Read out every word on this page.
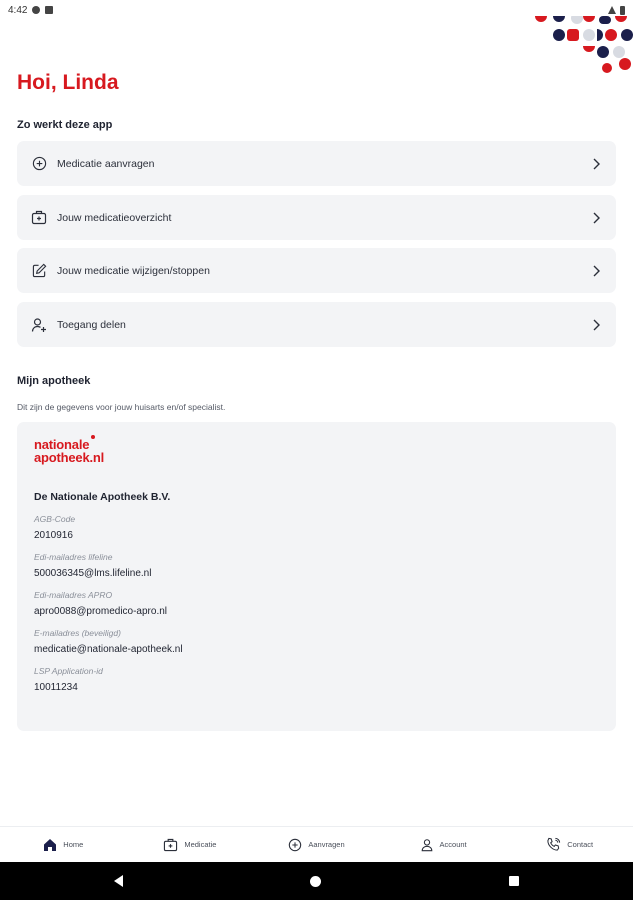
4:42
Hoi, Linda
Zo werkt deze app
Medicatie aanvragen
Jouw medicatieoverzicht
Jouw medicatie wijzigen/stoppen
Toegang delen
Mijn apotheek
Dit zijn de gegevens voor jouw huisarts en/of specialist.
nationale
apotheek.nl
De Nationale Apotheek B.V.
AGB-Code
2010916
Edi-mailadres lifeline
500036345@lms.lifeline.nl
Edi-mailadres APRO
apro0088@promedico-apro.nl
E-mailadres (beveiligd)
medicatie@nationale-apotheek.nl
LSP Application-id
10011234
Home	Medicatie	Aanvragen	Account	Contact
